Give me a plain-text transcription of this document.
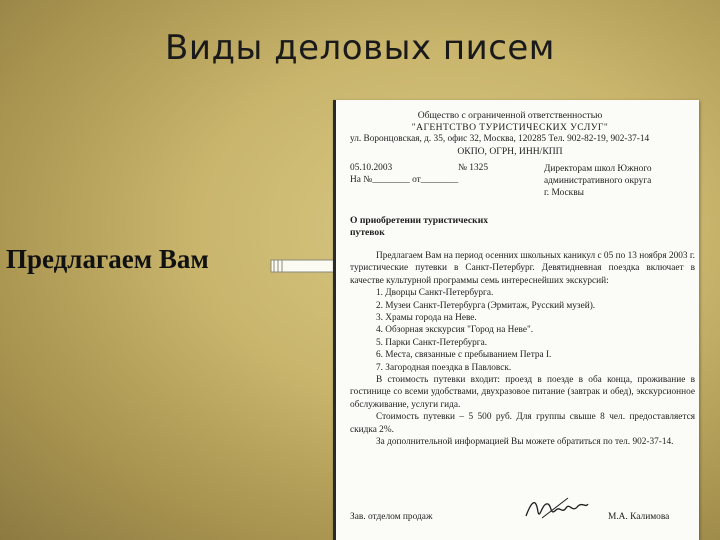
Виды деловых писем
Предлагаем Вам
Общество с ограниченной ответственностью
"АГЕНТСТВО ТУРИСТИЧЕСКИХ УСЛУГ"
ул. Воронцовская, д. 35, офис 32, Москва, 120285 Тел. 902-82-19, 902-37-14
ОКПО, ОГРН, ИНН/КПП
05.10.2003	№ 1325
На №________ от________
Директорам школ Южного
административного округа
г. Москвы
О приобретении туристических
путевок

Предлагаем Вам на период осенних школьных каникул с 05 по 13 ноября 2003 г. туристические путевки в Санкт-Петербург. Девятидневная поездка включает в качестве культурной программы семь интереснейших экскурсий:

1. Дворцы Санкт-Петербурга.
2. Музеи Санкт-Петербурга (Эрмитаж, Русский музей).
3. Храмы города на Неве.
4. Обзорная экскурсия "Город на Неве".
5. Парки Санкт-Петербурга.
6. Места, связанные с пребыванием Петра I.
7. Загородная поездка в Павловск.

В стоимость путевки входит: проезд в поезде в оба конца, проживание в гостинице со всеми удобствами, двухразовое питание (завтрак и обед), экскурсионное обслуживание, услуги гида.

Стоимость путевки – 5 500 руб. Для группы свыше 8 чел. предоставляется скидка 2%.

За дополнительной информацией Вы можете обратиться по тел. 902-37-14.

Зав. отделом продаж	М.А. Калимова
